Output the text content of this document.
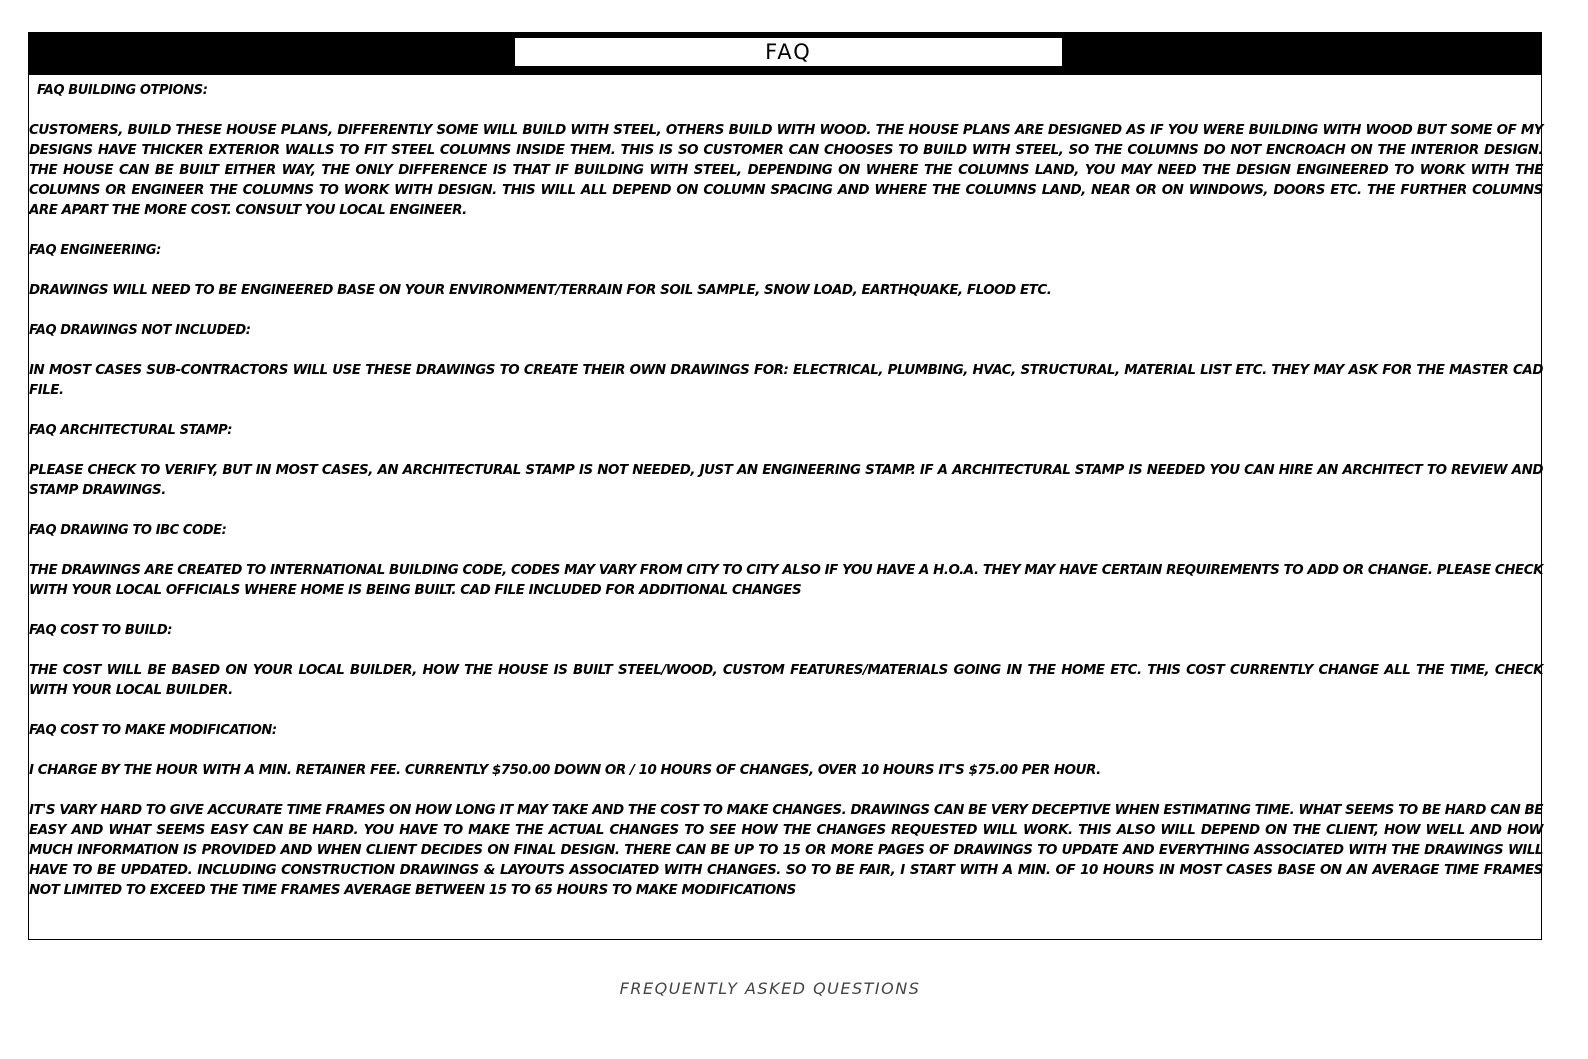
FAQ

FAQ BUILDING OTPIONS:

CUSTOMERS, BUILD THESE HOUSE PLANS, DIFFERENTLY SOME WILL BUILD WITH STEEL, OTHERS BUILD WITH WOOD. THE HOUSE PLANS ARE DESIGNED AS IF YOU WERE BUILDING WITH WOOD BUT SOME OF MY DESIGNS HAVE THICKER EXTERIOR WALLS TO FIT STEEL COLUMNS INSIDE THEM. THIS IS SO CUSTOMER CAN CHOOSES TO BUILD WITH STEEL, SO THE COLUMNS DO NOT ENCROACH ON THE INTERIOR DESIGN. THE HOUSE CAN BE BUILT EITHER WAY, THE ONLY DIFFERENCE IS THAT IF BUILDING WITH STEEL, DEPENDING ON WHERE THE COLUMNS LAND, YOU MAY NEED THE DESIGN ENGINEERED TO WORK WITH THE COLUMNS OR ENGINEER THE COLUMNS TO WORK WITH DESIGN. THIS WILL ALL DEPEND ON COLUMN SPACING AND WHERE THE COLUMNS LAND, NEAR OR ON WINDOWS, DOORS ETC. THE FURTHER COLUMNS ARE APART THE MORE COST. CONSULT YOU LOCAL ENGINEER.

FAQ ENGINEERING:

DRAWINGS WILL NEED TO BE ENGINEERED BASE ON YOUR ENVIRONMENT/TERRAIN FOR SOIL SAMPLE, SNOW LOAD, EARTHQUAKE, FLOOD ETC.

FAQ DRAWINGS NOT INCLUDED:

IN MOST CASES SUB-CONTRACTORS WILL USE THESE DRAWINGS TO CREATE THEIR OWN DRAWINGS FOR: ELECTRICAL, PLUMBING, HVAC, STRUCTURAL, MATERIAL LIST ETC. THEY MAY ASK FOR THE MASTER CAD FILE.

FAQ ARCHITECTURAL STAMP:

PLEASE CHECK TO VERIFY, BUT IN MOST CASES, AN ARCHITECTURAL STAMP IS NOT NEEDED, JUST AN ENGINEERING STAMP. IF A ARCHITECTURAL STAMP IS NEEDED YOU CAN HIRE AN ARCHITECT TO REVIEW AND STAMP DRAWINGS.

FAQ DRAWING TO IBC CODE:

THE DRAWINGS ARE CREATED TO INTERNATIONAL BUILDING CODE, CODES MAY VARY FROM CITY TO CITY ALSO IF YOU HAVE A H.O.A. THEY MAY HAVE CERTAIN REQUIREMENTS TO ADD OR CHANGE. PLEASE CHECK WITH YOUR LOCAL OFFICIALS WHERE HOME IS BEING BUILT. CAD FILE INCLUDED FOR ADDITIONAL CHANGES

FAQ COST TO BUILD:

THE COST WILL BE BASED ON YOUR LOCAL BUILDER, HOW THE HOUSE IS BUILT STEEL/WOOD, CUSTOM FEATURES/MATERIALS GOING IN THE HOME ETC. THIS COST CURRENTLY CHANGE ALL THE TIME, CHECK WITH YOUR LOCAL BUILDER.

FAQ COST TO MAKE MODIFICATION:

I CHARGE BY THE HOUR WITH A MIN. RETAINER FEE. CURRENTLY $750.00 DOWN OR / 10 HOURS OF CHANGES, OVER 10 HOURS IT'S $75.00 PER HOUR.

IT'S VARY HARD TO GIVE ACCURATE TIME FRAMES ON HOW LONG IT MAY TAKE AND THE COST TO MAKE CHANGES. DRAWINGS CAN BE VERY DECEPTIVE WHEN ESTIMATING TIME. WHAT SEEMS TO BE HARD CAN BE EASY AND WHAT SEEMS EASY CAN BE HARD. YOU HAVE TO MAKE THE ACTUAL CHANGES TO SEE HOW THE CHANGES REQUESTED WILL WORK. THIS ALSO WILL DEPEND ON THE CLIENT, HOW WELL AND HOW MUCH INFORMATION IS PROVIDED AND WHEN CLIENT DECIDES ON FINAL DESIGN. THERE CAN BE UP TO 15 OR MORE PAGES OF DRAWINGS TO UPDATE AND EVERYTHING ASSOCIATED WITH THE DRAWINGS WILL HAVE TO BE UPDATED. INCLUDING CONSTRUCTION DRAWINGS & LAYOUTS ASSOCIATED WITH CHANGES. SO TO BE FAIR, I START WITH A MIN. OF 10 HOURS IN MOST CASES BASE ON AN AVERAGE TIME FRAMES NOT LIMITED TO EXCEED THE TIME FRAMES AVERAGE BETWEEN 15 TO 65 HOURS TO MAKE MODIFICATIONS

FREQUENTLY ASKED QUESTIONS
